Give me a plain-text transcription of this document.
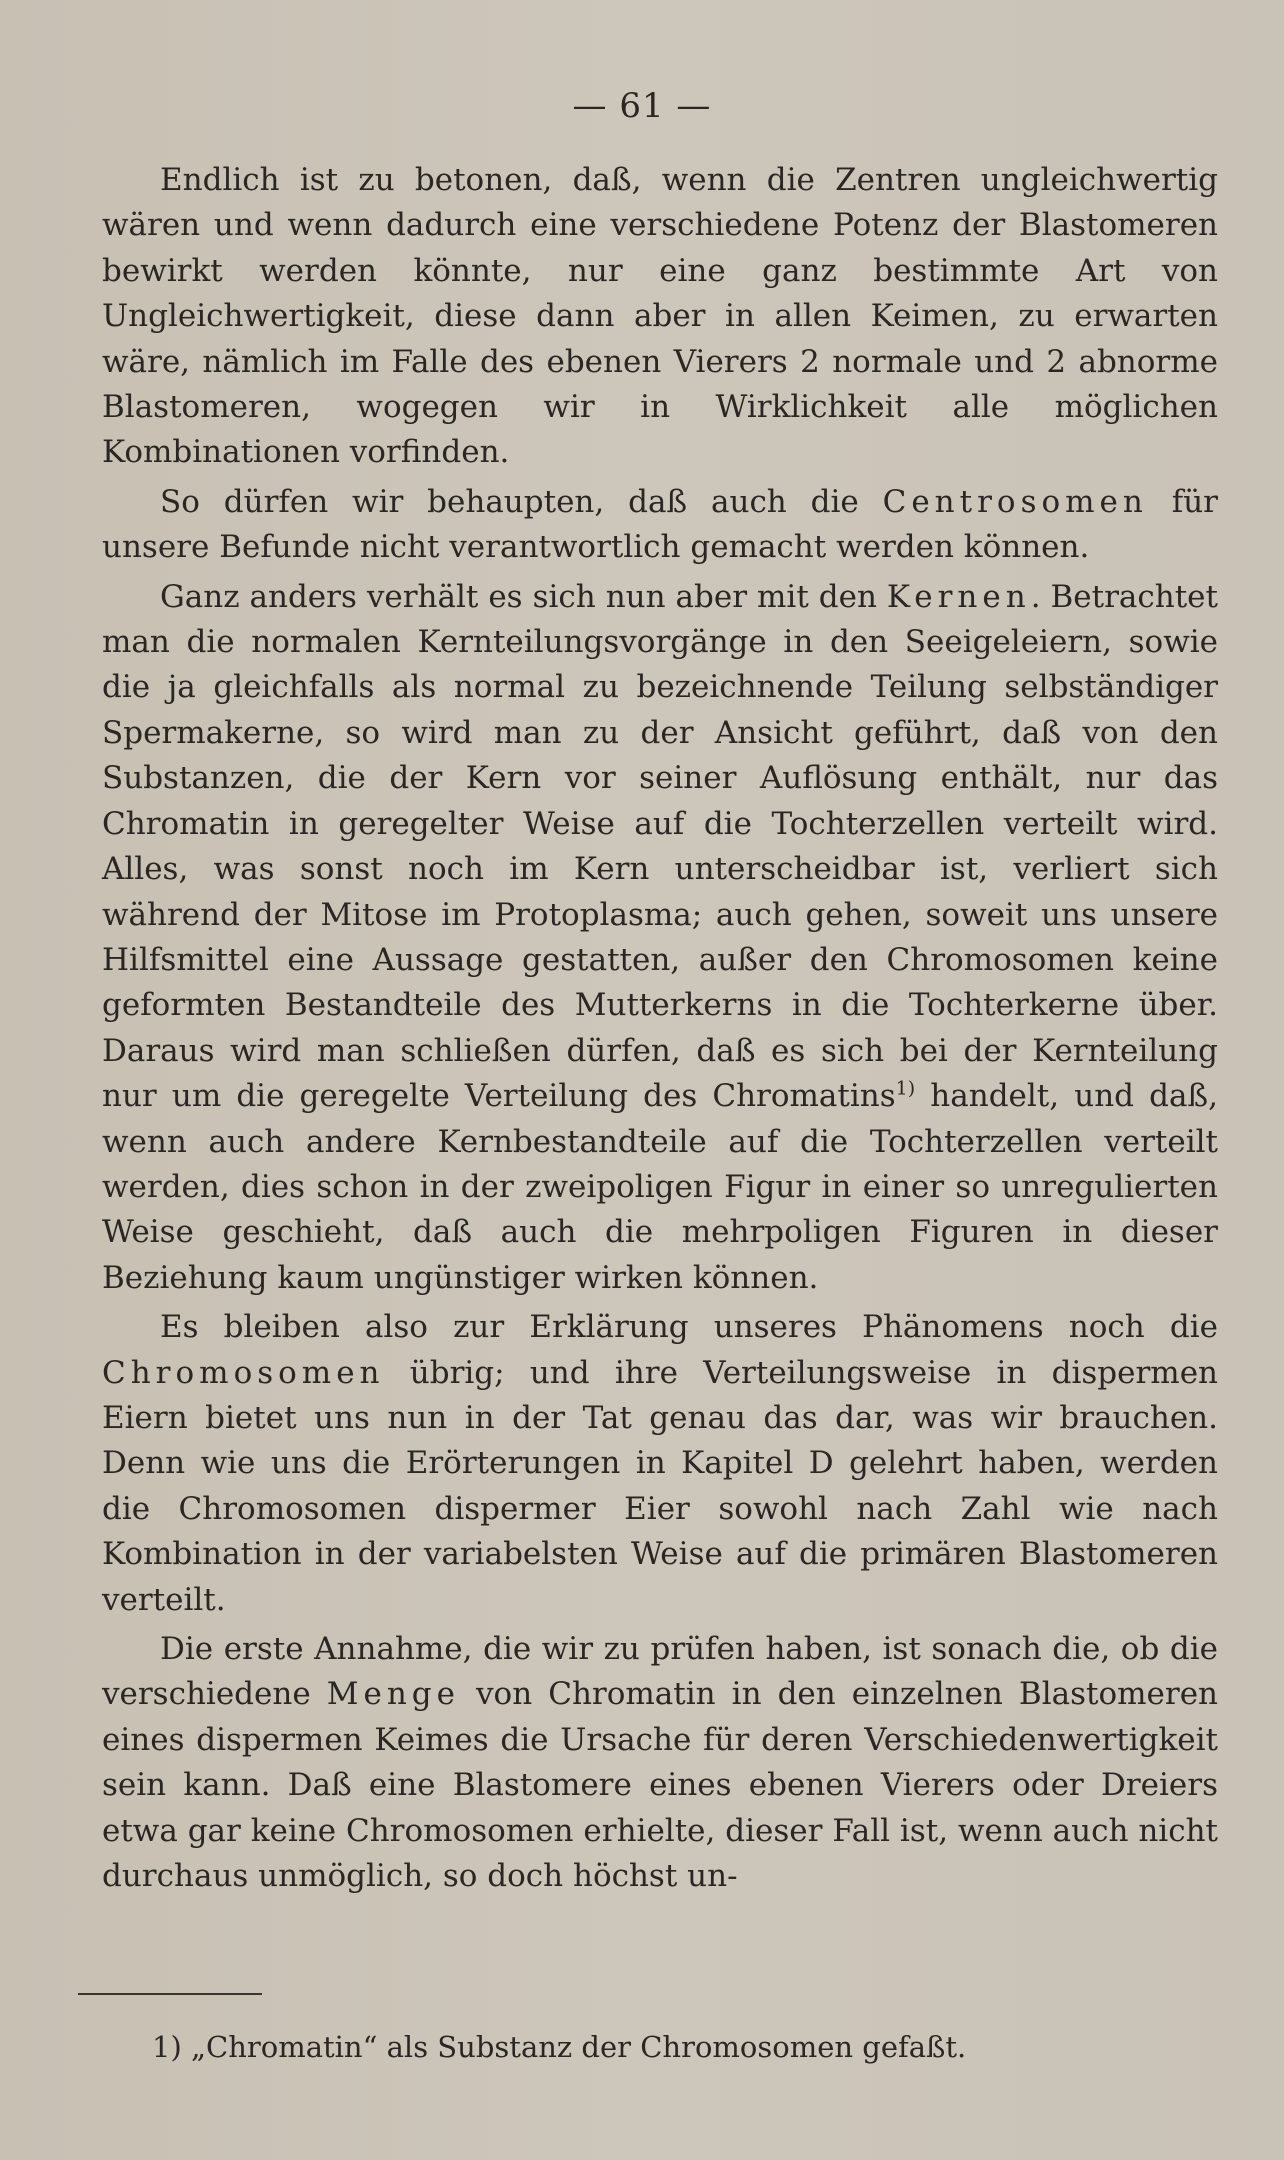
— 61 —

Endlich ist zu betonen, daß, wenn die Zentren ungleichwertig wären und wenn dadurch eine verschiedene Potenz der Blastomeren bewirkt werden könnte, nur eine ganz bestimmte Art von Ungleichwertigkeit, diese dann aber in allen Keimen, zu erwarten wäre, nämlich im Falle des ebenen Vierers 2 normale und 2 abnorme Blastomeren, wogegen wir in Wirklichkeit alle möglichen Kombinationen vorfinden.

So dürfen wir behaupten, daß auch die Centrosomen für unsere Befunde nicht verantwortlich gemacht werden können.

Ganz anders verhält es sich nun aber mit den Kernen. Betrachtet man die normalen Kernteilungsvorgänge in den Seeigeleiern, sowie die ja gleichfalls als normal zu bezeichnende Teilung selbständiger Spermakerne, so wird man zu der Ansicht geführt, daß von den Substanzen, die der Kern vor seiner Auflösung enthält, nur das Chromatin in geregelter Weise auf die Tochterzellen verteilt wird. Alles, was sonst noch im Kern unterscheidbar ist, verliert sich während der Mitose im Protoplasma; auch gehen, soweit uns unsere Hilfsmittel eine Aussage gestatten, außer den Chromosomen keine geformten Bestandteile des Mutterkerns in die Tochterkerne über. Daraus wird man schließen dürfen, daß es sich bei der Kernteilung nur um die geregelte Verteilung des Chromatins$^{1)}$ handelt, und daß, wenn auch andere Kernbestandteile auf die Tochterzellen verteilt werden, dies schon in der zweipoligen Figur in einer so unregulierten Weise geschieht, daß auch die mehrpoligen Figuren in dieser Beziehung kaum ungünstiger wirken können.

Es bleiben also zur Erklärung unseres Phänomens noch die Chromosomen übrig; und ihre Verteilungsweise in dispermen Eiern bietet uns nun in der Tat genau das dar, was wir brauchen. Denn wie uns die Erörterungen in Kapitel D gelehrt haben, werden die Chromosomen dispermer Eier sowohl nach Zahl wie nach Kombination in der variabelsten Weise auf die primären Blastomeren verteilt.

Die erste Annahme, die wir zu prüfen haben, ist sonach die, ob die verschiedene Menge von Chromatin in den einzelnen Blastomeren eines dispermen Keimes die Ursache für deren Verschiedenwertigkeit sein kann. Daß eine Blastomere eines ebenen Vierers oder Dreiers etwa gar keine Chromosomen erhielte, dieser Fall ist, wenn auch nicht durchaus unmöglich, so doch höchst un-

1) „Chromatin“ als Substanz der Chromosomen gefaßt.
